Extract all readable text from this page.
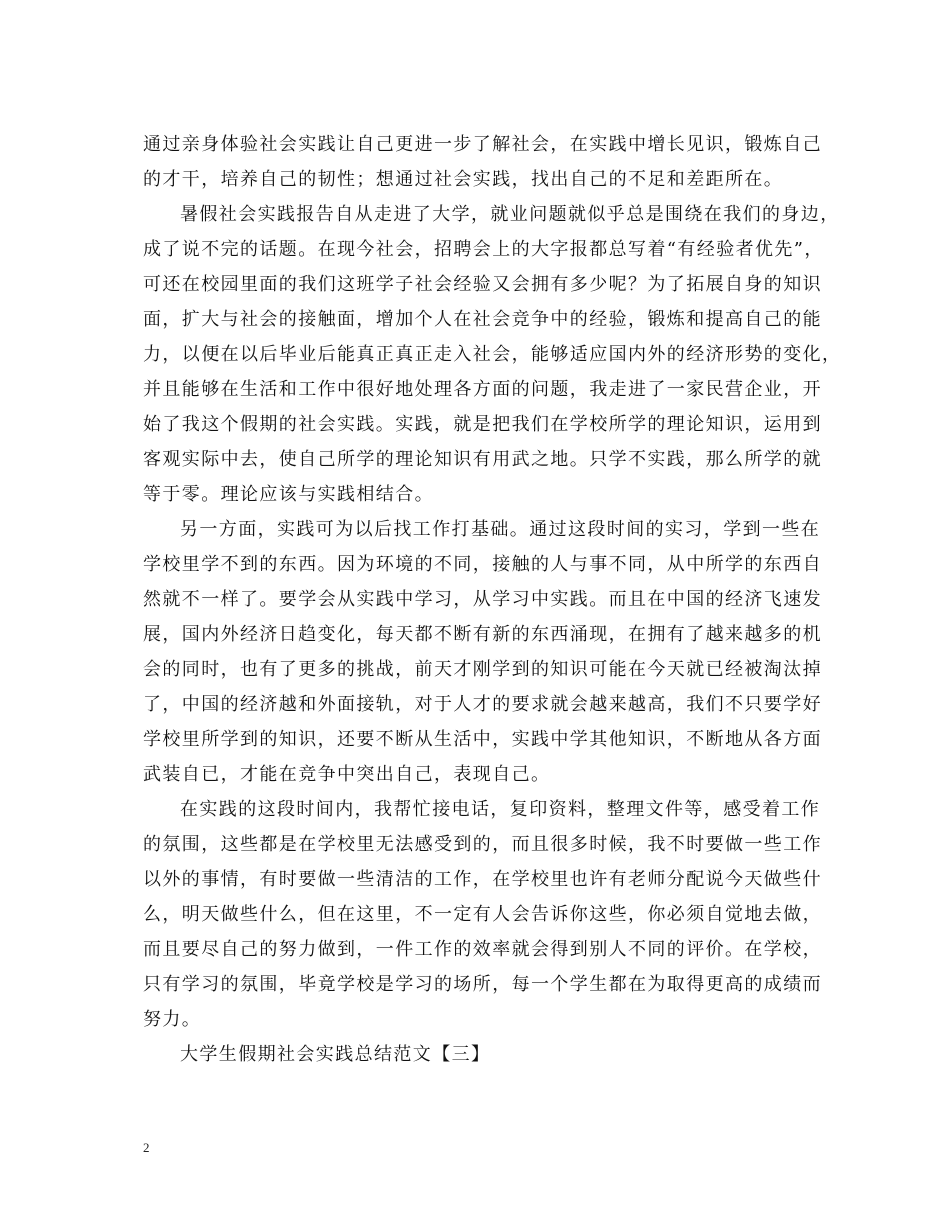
通过亲身体验社会实践让自己更进一步了解社会，在实践中增长见识，锻炼自己
的才干，培养自己的韧性；想通过社会实践，找出自己的不足和差距所在。
暑假社会实践报告自从走进了大学，就业问题就似乎总是围绕在我们的身边，
成了说不完的话题。在现今社会，招聘会上的大字报都总写着“有经验者优先”，
可还在校园里面的我们这班学子社会经验又会拥有多少呢？为了拓展自身的知识
面，扩大与社会的接触面，增加个人在社会竞争中的经验，锻炼和提高自己的能
力，以便在以后毕业后能真正真正走入社会，能够适应国内外的经济形势的变化，
并且能够在生活和工作中很好地处理各方面的问题，我走进了一家民营企业，开
始了我这个假期的社会实践。实践，就是把我们在学校所学的理论知识，运用到
客观实际中去，使自己所学的理论知识有用武之地。只学不实践，那么所学的就
等于零。理论应该与实践相结合。
另一方面，实践可为以后找工作打基础。通过这段时间的实习，学到一些在
学校里学不到的东西。因为环境的不同，接触的人与事不同，从中所学的东西自
然就不一样了。要学会从实践中学习，从学习中实践。而且在中国的经济飞速发
展，国内外经济日趋变化，每天都不断有新的东西涌现，在拥有了越来越多的机
会的同时，也有了更多的挑战，前天才刚学到的知识可能在今天就已经被淘汰掉
了，中国的经济越和外面接轨，对于人才的要求就会越来越高，我们不只要学好
学校里所学到的知识，还要不断从生活中，实践中学其他知识，不断地从各方面
武装自已，才能在竞争中突出自己，表现自己。
在实践的这段时间内，我帮忙接电话，复印资料，整理文件等，感受着工作
的氛围，这些都是在学校里无法感受到的，而且很多时候，我不时要做一些工作
以外的事情，有时要做一些清洁的工作，在学校里也许有老师分配说今天做些什
么，明天做些什么，但在这里，不一定有人会告诉你这些，你必须自觉地去做，
而且要尽自己的努力做到，一件工作的效率就会得到别人不同的评价。在学校，
只有学习的氛围，毕竟学校是学习的场所，每一个学生都在为取得更高的成绩而
努力。
大学生假期社会实践总结范文【三】
2
